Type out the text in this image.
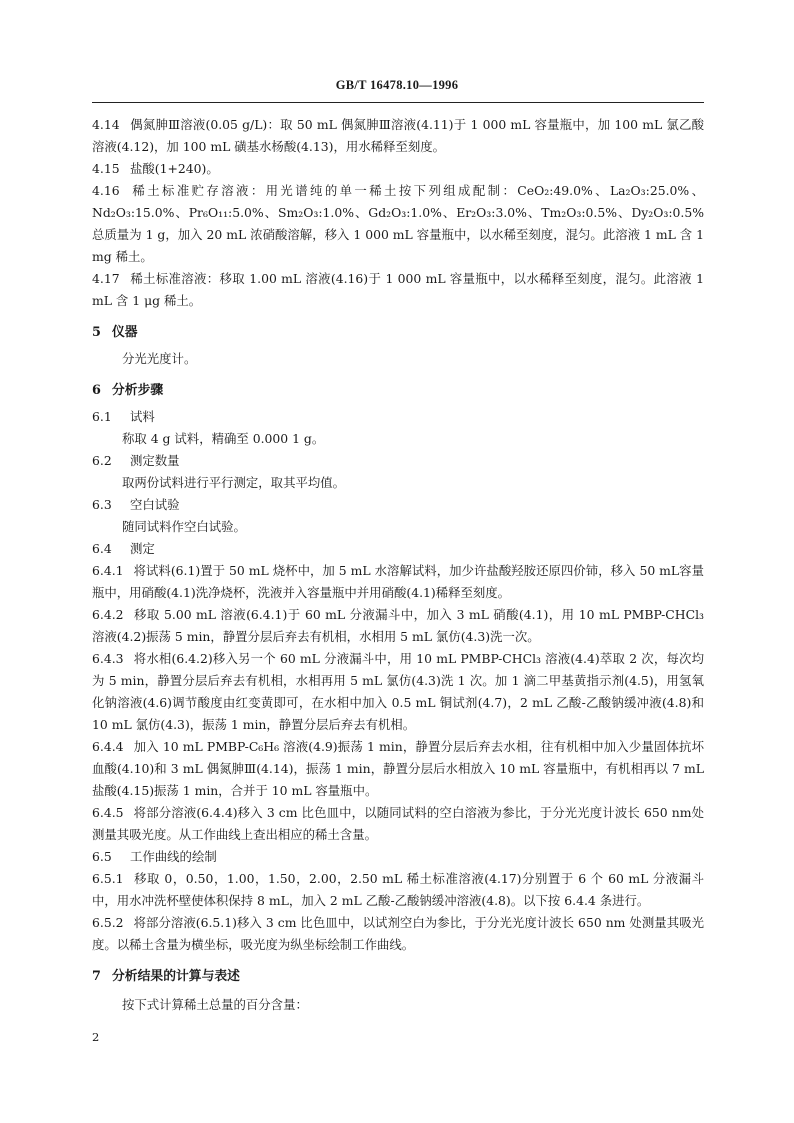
GB/T 16478.10—1996

4.14 偶氮胂Ⅲ溶液(0.05 g/L)：取 50 mL 偶氮胂Ⅲ溶液(4.11)于 1 000 mL 容量瓶中，加 100 mL 氯乙酸溶液(4.12)，加 100 mL 磺基水杨酸(4.13)，用水稀释至刻度。

4.15 盐酸(1+240)。

4.16 稀土标准贮存溶液：用光谱纯的单一稀土按下列组成配制：CeO₂:49.0%、La₂O₃:25.0%、Nd₂O₃:15.0%、Pr₆O₁₁:5.0%、Sm₂O₃:1.0%、Gd₂O₃:1.0%、Er₂O₃:3.0%、Tm₂O₃:0.5%、Dy₂O₃:0.5%总质量为 1 g，加入 20 mL 浓硝酸溶解，移入 1 000 mL 容量瓶中，以水稀至刻度，混匀。此溶液 1 mL 含 1 mg 稀土。

4.17 稀土标准溶液：移取 1.00 mL 溶液(4.16)于 1 000 mL 容量瓶中，以水稀释至刻度，混匀。此溶液 1 mL 含 1 μg 稀土。

5 仪器

分光光度计。

6 分析步骤

6.1 试料

称取 4 g 试料，精确至 0.000 1 g。

6.2 测定数量

取两份试料进行平行测定，取其平均值。

6.3 空白试验

随同试料作空白试验。

6.4 测定

6.4.1 将试料(6.1)置于 50 mL 烧杯中，加 5 mL 水溶解试料，加少许盐酸羟胺还原四价铈，移入 50 mL容量瓶中，用硝酸(4.1)洗净烧杯，洗液并入容量瓶中并用硝酸(4.1)稀释至刻度。

6.4.2 移取 5.00 mL 溶液(6.4.1)于 60 mL 分液漏斗中，加入 3 mL 硝酸(4.1)，用 10 mL PMBP-CHCl₃ 溶液(4.2)振荡 5 min，静置分层后弃去有机相，水相用 5 mL 氯仿(4.3)洗一次。

6.4.3 将水相(6.4.2)移入另一个 60 mL 分液漏斗中，用 10 mL PMBP-CHCl₃ 溶液(4.4)萃取 2 次，每次均为 5 min，静置分层后弃去有机相，水相再用 5 mL 氯仿(4.3)洗 1 次。加 1 滴二甲基黄指示剂(4.5)，用氢氧化钠溶液(4.6)调节酸度由红变黄即可，在水相中加入 0.5 mL 铜试剂(4.7)，2 mL 乙酸-乙酸钠缓冲液(4.8)和 10 mL 氯仿(4.3)，振荡 1 min，静置分层后弃去有机相。

6.4.4 加入 10 mL PMBP-C₆H₆ 溶液(4.9)振荡 1 min，静置分层后弃去水相，往有机相中加入少量固体抗坏血酸(4.10)和 3 mL 偶氮胂Ⅲ(4.14)，振荡 1 min，静置分层后水相放入 10 mL 容量瓶中，有机相再以 7 mL 盐酸(4.15)振荡 1 min，合并于 10 mL 容量瓶中。

6.4.5 将部分溶液(6.4.4)移入 3 cm 比色皿中，以随同试料的空白溶液为参比，于分光光度计波长 650 nm处测量其吸光度。从工作曲线上查出相应的稀土含量。

6.5 工作曲线的绘制

6.5.1 移取 0，0.50，1.00，1.50，2.00，2.50 mL 稀土标准溶液(4.17)分别置于 6 个 60 mL 分液漏斗中，用水冲洗杯壁使体积保持 8 mL，加入 2 mL 乙酸-乙酸钠缓冲溶液(4.8)。以下按 6.4.4 条进行。

6.5.2 将部分溶液(6.5.1)移入 3 cm 比色皿中，以试剂空白为参比，于分光光度计波长 650 nm 处测量其吸光度。以稀土含量为横坐标，吸光度为纵坐标绘制工作曲线。

7 分析结果的计算与表述

按下式计算稀土总量的百分含量：

2
